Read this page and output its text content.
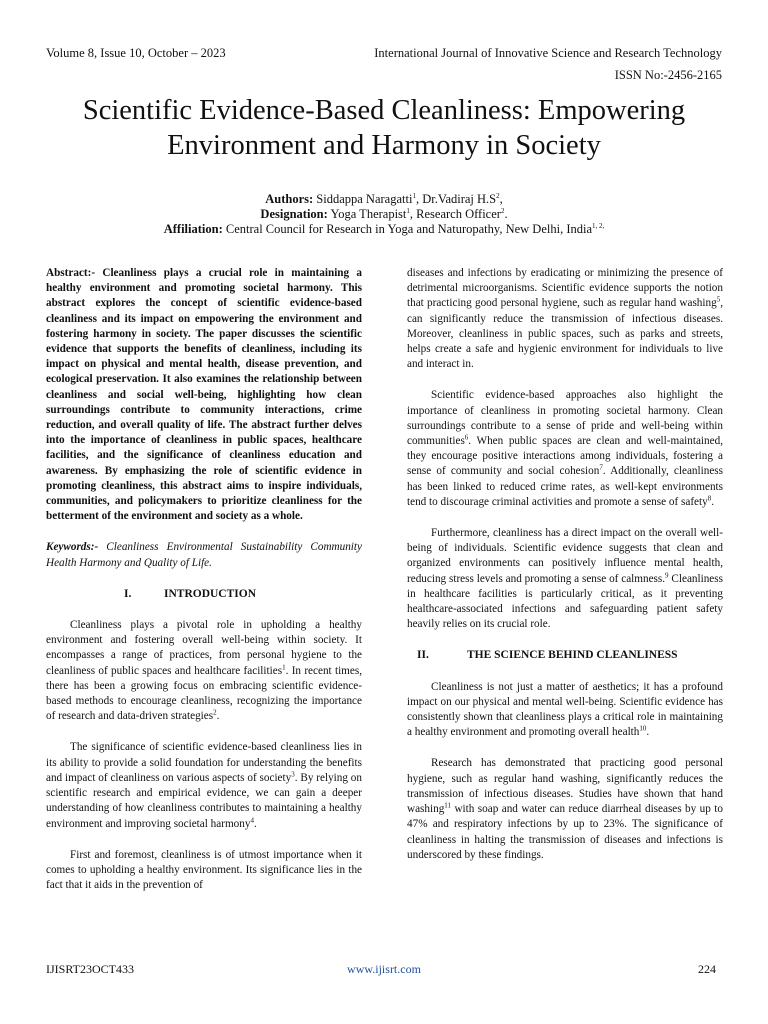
Volume 8, Issue 10, October – 2023	International Journal of Innovative Science and Research Technology
ISSN No:-2456-2165
Scientific Evidence-Based Cleanliness: Empowering
Environment and Harmony in Society
Authors: Siddappa Naragatti$^1$, Dr.Vadiraj $H.S^2$,
Designation: Yoga Therapist$^1$, Research Officer$^2$.
Affiliation: Central Council for Research in Yoga and Naturopathy, New Delhi, India$^{1, 2,}$

Abstract:- Cleanliness plays a crucial role in maintaining a healthy environment and promoting societal harmony. This abstract explores the concept of scientific evidence-based cleanliness and its impact on empowering the environment and fostering harmony in society. The paper discusses the scientific evidence that supports the benefits of cleanliness, including its impact on physical and mental health, disease prevention, and ecological preservation. It also examines the relationship between cleanliness and social well-being, highlighting how clean surroundings contribute to community interactions, crime reduction, and overall quality of life. The abstract further delves into the importance of cleanliness in public spaces, healthcare facilities, and the significance of cleanliness education and awareness. By emphasizing the role of scientific evidence in promoting cleanliness, this abstract aims to inspire individuals, communities, and policymakers to prioritize cleanliness for the betterment of the environment and society as a whole.

Keywords:- Cleanliness Environmental Sustainability Community Health Harmony and Quality of Life.

I.	INTRODUCTION

Cleanliness plays a pivotal role in upholding a healthy environment and fostering overall well-being within society. It encompasses a range of practices, from personal hygiene to the cleanliness of public spaces and healthcare facilities$^1$. In recent times, there has been a growing focus on embracing scientific evidence-based methods to encourage cleanliness, recognizing the importance of research and data-driven strategies$^2$.

The significance of scientific evidence-based cleanliness lies in its ability to provide a solid foundation for understanding the benefits and impact of cleanliness on various aspects of society$^3$. By relying on scientific research and empirical evidence, we can gain a deeper understanding of how cleanliness contributes to maintaining a healthy environment and improving societal harmony$^4$.

First and foremost, cleanliness is of utmost importance when it comes to upholding a healthy environment. Its significance lies in the fact that it aids in the prevention of

diseases and infections by eradicating or minimizing the presence of detrimental microorganisms. Scientific evidence supports the notion that practicing good personal hygiene, such as regular hand washing$^5$, can significantly reduce the transmission of infectious diseases. Moreover, cleanliness in public spaces, such as parks and streets, helps create a safe and hygienic environment for individuals to live and interact in.

Scientific evidence-based approaches also highlight the importance of cleanliness in promoting societal harmony. Clean surroundings contribute to a sense of pride and well-being within communities$^6$. When public spaces are clean and well-maintained, they encourage positive interactions among individuals, fostering a sense of community and social cohesion$^7$. Additionally, cleanliness has been linked to reduced crime rates, as well-kept environments tend to discourage criminal activities and promote a sense of safety$^8$.

Furthermore, cleanliness has a direct impact on the overall well-being of individuals. Scientific evidence suggests that clean and organized environments can positively influence mental health, reducing stress levels and promoting a sense of calmness.$^9$ Cleanliness in healthcare facilities is particularly critical, as it preventing healthcare-associated infections and safeguarding patient safety heavily relies on its crucial role.

II.	THE SCIENCE BEHIND CLEANLINESS

Cleanliness is not just a matter of aesthetics; it has a profound impact on our physical and mental well-being. Scientific evidence has consistently shown that cleanliness plays a critical role in maintaining a healthy environment and promoting overall health$^{10}$.

Research has demonstrated that practicing good personal hygiene, such as regular hand washing, significantly reduces the transmission of infectious diseases. Studies have shown that hand washing$^{11}$ with soap and water can reduce diarrheal diseases by up to 47% and respiratory infections by up to 23%. The significance of cleanliness in halting the transmission of diseases and infections is underscored by these findings.

IJISRT23OCT433	www.ijisrt.com	224
